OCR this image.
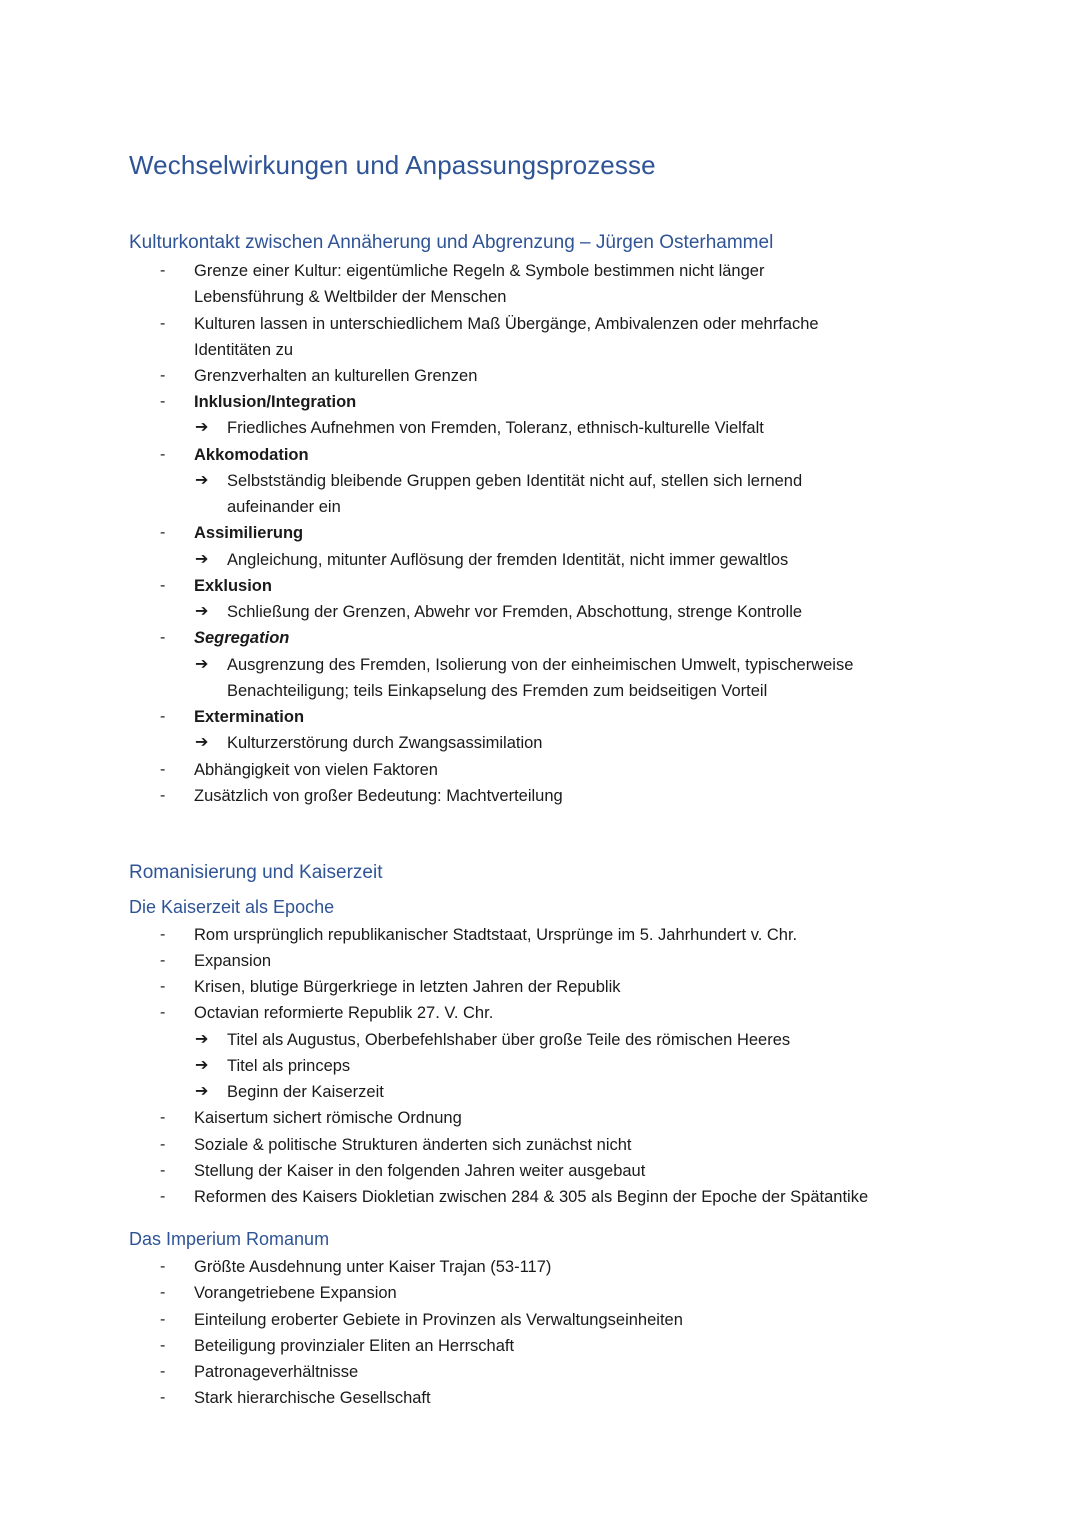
Wechselwirkungen und Anpassungsprozesse
Kulturkontakt zwischen Annäherung und Abgrenzung – Jürgen Osterhammel
- Grenze einer Kultur: eigentümliche Regeln & Symbole bestimmen nicht länger
Lebensführung & Weltbilder der Menschen
- Kulturen lassen in unterschiedlichem Maß Übergänge, Ambivalenzen oder mehrfache
Identitäten zu
- Grenzverhalten an kulturellen Grenzen
- Inklusion/Integration
➔ Friedliches Aufnehmen von Fremden, Toleranz, ethnisch-kulturelle Vielfalt
- Akkomodation
➔ Selbstständig bleibende Gruppen geben Identität nicht auf, stellen sich lernend
aufeinander ein
- Assimilierung
➔ Angleichung, mitunter Auflösung der fremden Identität, nicht immer gewaltlos
- Exklusion
➔ Schließung der Grenzen, Abwehr vor Fremden, Abschottung, strenge Kontrolle
- Segregation
➔ Ausgrenzung des Fremden, Isolierung von der einheimischen Umwelt, typischerweise
Benachteiligung; teils Einkapselung des Fremden zum beidseitigen Vorteil
- Extermination
➔ Kulturzerstörung durch Zwangsassimilation
- Abhängigkeit von vielen Faktoren
- Zusätzlich von großer Bedeutung: Machtverteilung
Romanisierung und Kaiserzeit
Die Kaiserzeit als Epoche
- Rom ursprünglich republikanischer Stadtstaat, Ursprünge im 5. Jahrhundert v. Chr.
- Expansion
- Krisen, blutige Bürgerkriege in letzten Jahren der Republik
- Octavian reformierte Republik 27. V. Chr.
➔ Titel als Augustus, Oberbefehlshaber über große Teile des römischen Heeres
➔ Titel als princeps
➔ Beginn der Kaiserzeit
- Kaisertum sichert römische Ordnung
- Soziale & politische Strukturen änderten sich zunächst nicht
- Stellung der Kaiser in den folgenden Jahren weiter ausgebaut
- Reformen des Kaisers Diokletian zwischen 284 & 305 als Beginn der Epoche der Spätantike
Das Imperium Romanum
- Größte Ausdehnung unter Kaiser Trajan (53-117)
- Vorangetriebene Expansion
- Einteilung eroberter Gebiete in Provinzen als Verwaltungseinheiten
- Beteiligung provinzialer Eliten an Herrschaft
- Patronageverhältnisse
- Stark hierarchische Gesellschaft
